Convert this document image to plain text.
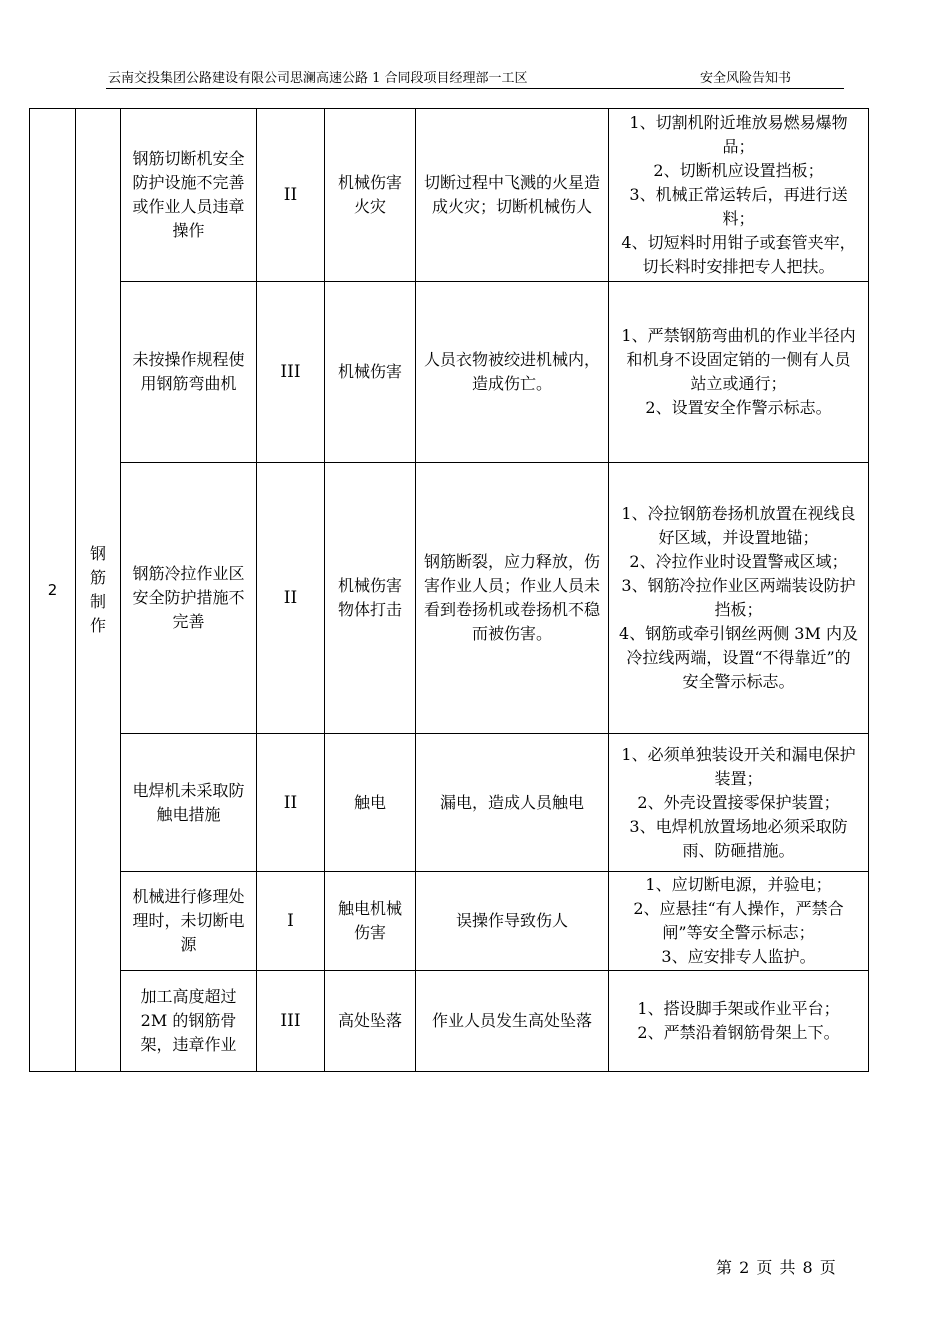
云南交投集团公路建设有限公司思澜高速公路 1 合同段项目经理部一工区	安全风险告知书
2	钢筋制作	钢筋切断机安全防护设施不完善或作业人员违章操作	II	机械伤害火灾	切断过程中飞溅的火星造成火灾；切断机械伤人	1、切割机附近堆放易燃易爆物品；
2、切断机应设置挡板；
3、机械正常运转后，再进行送料；
4、切短料时用钳子或套管夹牢，切长料时安排把专人把扶。

		未按操作规程使用钢筋弯曲机	III	机械伤害	人员衣物被绞进机械内，造成伤亡。	1、严禁钢筋弯曲机的作业半径内和机身不设固定销的一侧有人员站立或通行；
2、设置安全作警示标志。

		钢筋冷拉作业区安全防护措施不完善	II	机械伤害物体打击	钢筋断裂，应力释放，伤害作业人员；作业人员未看到卷扬机或卷扬机不稳而被伤害。	1、冷拉钢筋卷扬机放置在视线良好区域，并设置地锚；
2、冷拉作业时设置警戒区域；
3、钢筋冷拉作业区两端装设防护挡板；
4、钢筋或牵引钢丝两侧 3M 内及冷拉线两端，设置“不得靠近”的安全警示标志。

		电焊机未采取防触电措施	II	触电	漏电，造成人员触电	1、必须单独装设开关和漏电保护装置；
2、外壳设置接零保护装置；
3、电焊机放置场地必须采取防雨、防砸措施。

		机械进行修理处理时，未切断电源	I	触电机械伤害	误操作导致伤人	1、应切断电源，并验电；
2、应悬挂“有人操作，严禁合闸”等安全警示标志；
3、应安排专人监护。

		加工高度超过 2M 的钢筋骨架，违章作业	III	高处坠落	作业人员发生高处坠落	1、搭设脚手架或作业平台；
2、严禁沿着钢筋骨架上下。
第 2 页 共 8 页
